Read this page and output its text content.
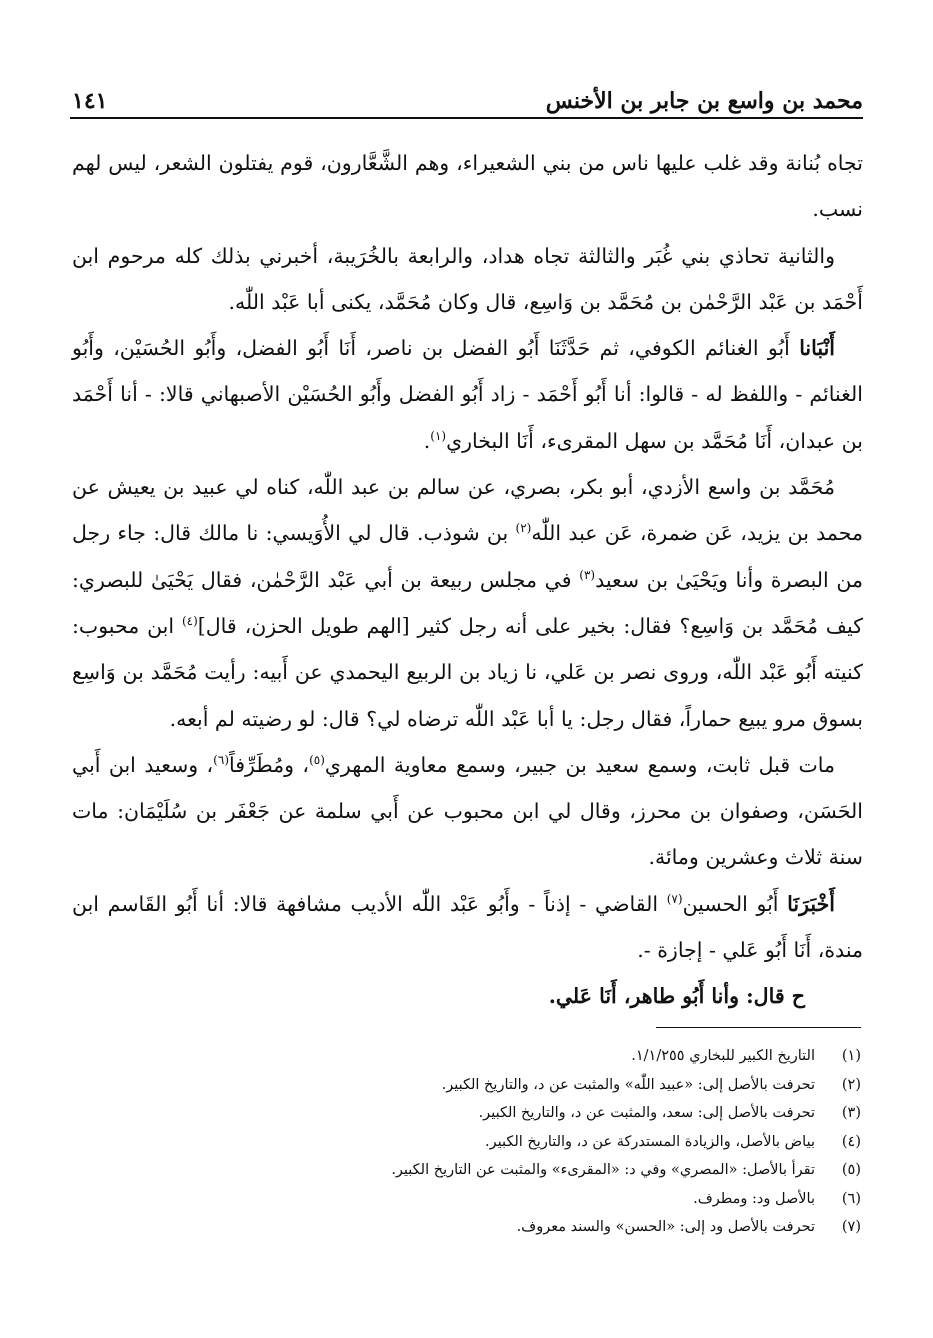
محمد بن واسع بن جابر بن الأخنس
١٤١

تجاه بُنانة وقد غلب عليها ناس من بني الشعيراء، وهم الشَّعَّارون، قوم يفتلون الشعر، ليس لهم نسب.

والثانية تحاذي بني غُبَر والثالثة تجاه هداد، والرابعة بالخُرَيبة، أخبرني بذلك كله مرحوم ابن أَحْمَد بن عَبْد الرَّحْمٰن بن مُحَمَّد بن وَاسِع، قال وكان مُحَمَّد، يكنى أبا عَبْد اللّٰه.

أَنْبَانا أَبُو الغنائم الكوفي، ثم حَدَّثَنَا أَبُو الفضل بن ناصر، أَنَا أَبُو الفضل، وأَبُو الحُسَيْن، وأَبُو الغنائم - واللفظ له - قالوا: أنا أَبُو أَحْمَد - زاد أَبُو الفضل وأَبُو الحُسَيْن الأصبهاني قالا: - أنا أَحْمَد بن عبدان، أَنَا مُحَمَّد بن سهل المقرىء، أَنَا البخاري$^{(١)}$.

مُحَمَّد بن واسع الأزدي، أبو بكر، بصري، عن سالم بن عبد اللّٰه، كناه لي عبيد بن يعيش عن محمد بن يزيد، عَن ضمرة، عَن عبد اللّٰه$^{(٢)}$ بن شوذب. قال لي الأُوَيسي: نا مالك قال: جاء رجل من البصرة وأنا ويَحْيَىٰ بن سعيد$^{(٣)}$ في مجلس ربيعة بن أبي عَبْد الرَّحْمٰن، فقال يَحْيَىٰ للبصري: كيف مُحَمَّد بن وَاسِع؟ فقال: بخير على أنه رجل كثير [الهم طويل الحزن، قال]$^{(٤)}$ ابن محبوب: كنيته أَبُو عَبْد اللّٰه، وروى نصر بن عَلي، نا زياد بن الربيع اليحمدي عن أَبيه: رأيت مُحَمَّد بن وَاسِع بسوق مرو يبيع حماراً، فقال رجل: يا أبا عَبْد اللّٰه ترضاه لي؟ قال: لو رضيته لم أبعه.

مات قبل ثابت، وسمع سعيد بن جبير، وسمع معاوية المهري$^{(٥)}$، ومُطَرِّفاً$^{(٦)}$، وسعيد ابن أَبي الحَسَن، وصفوان بن محرز، وقال لي ابن محبوب عن أَبي سلمة عن جَعْفَر بن سُلَيْمَان: مات سنة ثلاث وعشرين ومائة.

أَخْبَرَنَا أَبُو الحسين$^{(٧)}$ القاضي - إذناً - وأَبُو عَبْد اللّٰه الأديب مشافهة قالا: أنا أَبُو القَاسم ابن مندة، أَنَا أَبُو عَلي - إجازة -.

ح قال: وأنا أَبُو طاهر، أَنَا عَلي.

(١)
التاريخ الكبير للبخاري ١/١/٢٥٥.
(٢)
تحرفت بالأصل إلى: «عبيد اللّٰه» والمثبت عن د، والتاريخ الكبير.
(٣)
تحرفت بالأصل إلى: سعد، والمثبت عن د، والتاريخ الكبير.
(٤)
بياض بالأصل، والزيادة المستدركة عن د، والتاريخ الكبير.
(٥)
تقرأ بالأصل: «المصري» وفي د: «المقرىء» والمثبت عن التاريخ الكبير.
(٦)
بالأصل ود: ومطرف.
(٧)
تحرفت بالأصل ود إلى: «الحسن» والسند معروف.
